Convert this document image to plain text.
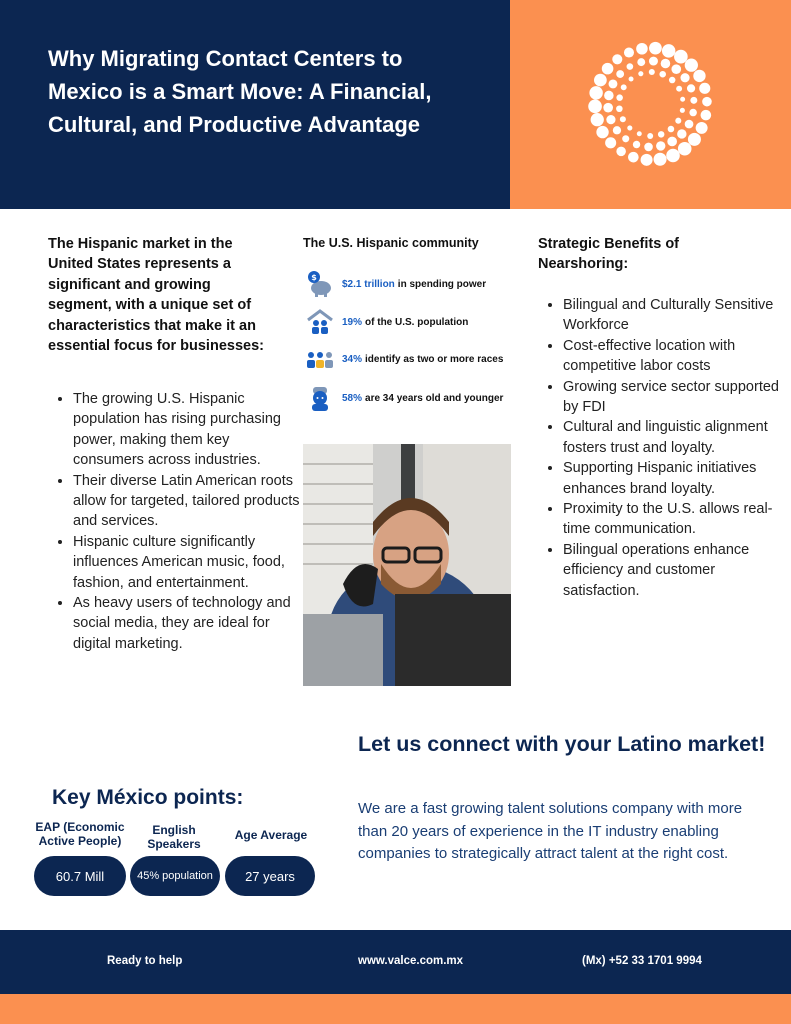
Why Migrating Contact Centers to Mexico is a Smart Move: A Financial, Cultural, and Productive Advantage
The Hispanic market in the United States represents a significant and growing segment, with a unique set of characteristics that make it an essential focus for businesses:
• The growing U.S. Hispanic population has rising purchasing power, making them key consumers across industries.
• Their diverse Latin American roots allow for targeted, tailored products and services.
• Hispanic culture significantly influences American music, food, fashion, and entertainment.
• As heavy users of technology and social media, they are ideal for digital marketing.
The U.S. Hispanic community
$
$2.1 trillion in spending power
19% of the U.S. population
34% identify as two or more races
58% are 34 years old and younger
Strategic Benefits of Nearshoring:
• Bilingual and Culturally Sensitive Workforce
• Cost-effective location with competitive labor costs
• Growing service sector supported by FDI
• Cultural and linguistic alignment fosters trust and loyalty.
• Supporting Hispanic initiatives enhances brand loyalty.
• Proximity to the U.S. allows real-time communication.
• Bilingual operations enhance efficiency and customer satisfaction.
Key México points:
EAP (Economic Active People)
60.7 Mill
English Speakers
45% population
Age Average
27 years
Let us connect with your Latino market!
We are a fast growing talent solutions company with more than 20 years of experience in the IT industry enabling companies to strategically attract talent at the right cost.
Ready to help	www.valce.com.mx	(Mx) +52 33 1701 9994
